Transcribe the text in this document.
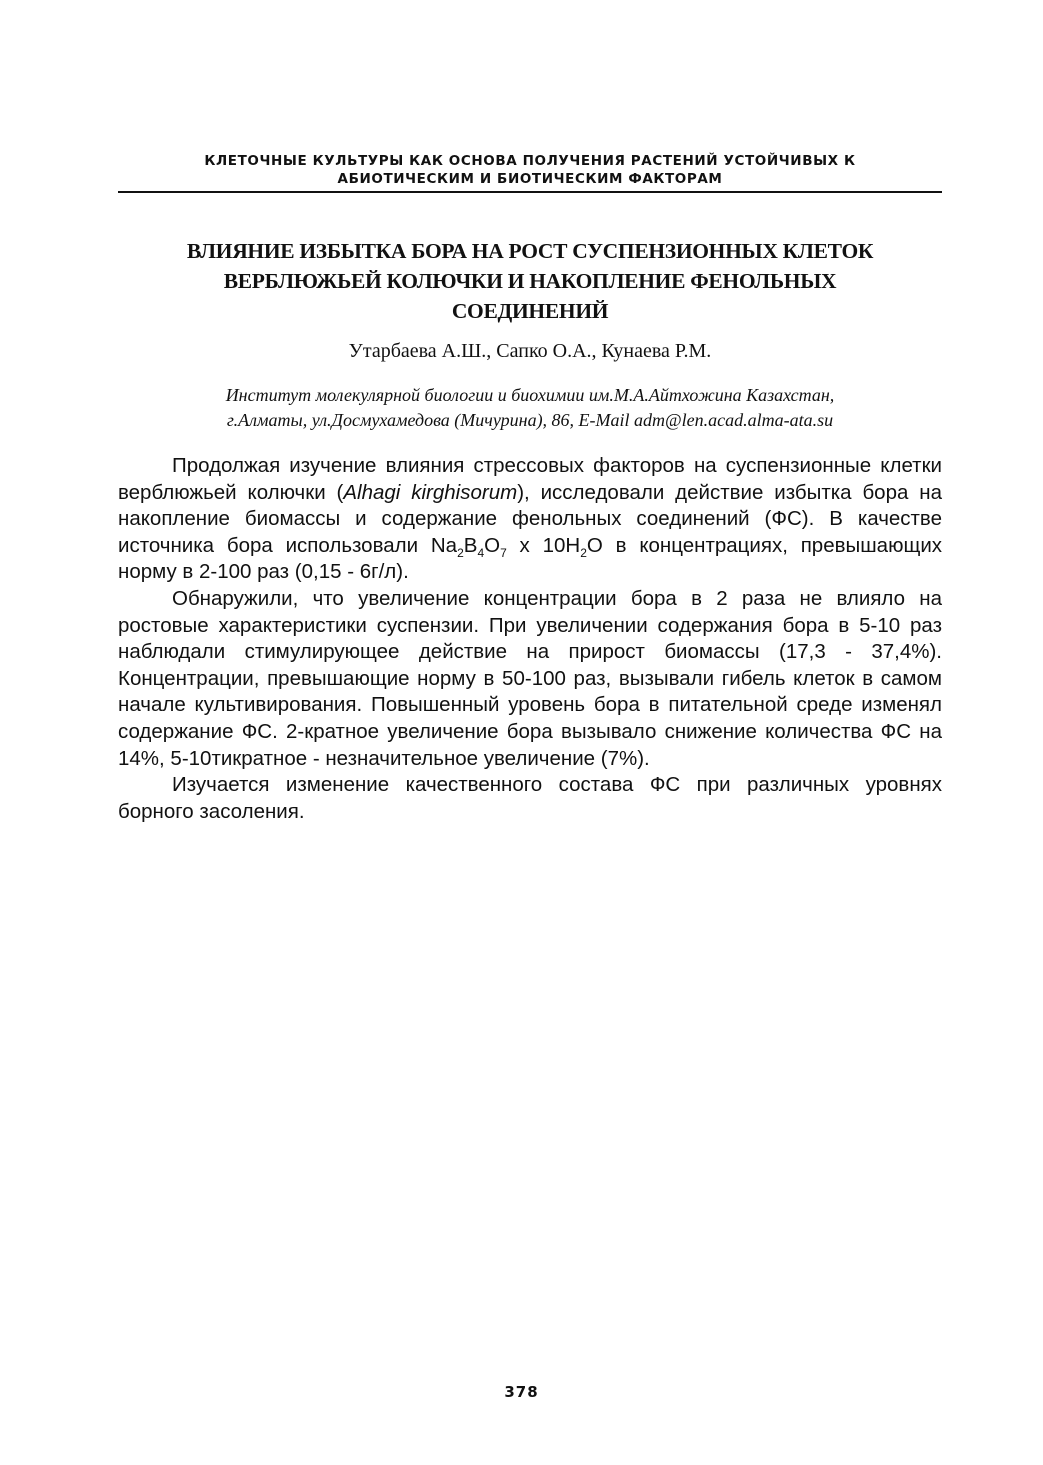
КЛЕТОЧНЫЕ КУЛЬТУРЫ КАК ОСНОВА ПОЛУЧЕНИЯ РАСТЕНИЙ УСТОЙЧИВЫХ К
АБИОТИЧЕСКИМ И БИОТИЧЕСКИМ ФАКТОРАМ
ВЛИЯНИЕ ИЗБЫТКА БОРА НА РОСТ СУСПЕНЗИОННЫХ КЛЕТОК
ВЕРБЛЮЖЬЕЙ КОЛЮЧКИ И НАКОПЛЕНИЕ ФЕНОЛЬНЫХ
СОЕДИНЕНИЙ
Утарбаева А.Ш., Сапко О.А., Кунаева Р.М.
Институт молекулярной биологии и биохимии им.М.А.Айтхожина Казахстан,
г.Алматы, ул.Досмухамедова (Мичурина), 86, E-Mail adm@len.acad.alma-ata.su

Продолжая изучение влияния стрессовых факторов на суспензионные клетки верблюжьей колючки (Alhagi kirghisorum), исследовали действие избытка бора на накопление биомассы и содержание фенольных соединений (ФС). В качестве источника бора использовали $Na_2B_4O_7$ x $10H_2O$ в концентрациях, превышающих норму в 2-100 раз (0,15 - 6г/л).

Обнаружили, что увеличение концентрации бора в 2 раза не влияло на ростовые характеристики суспензии. При увеличении содержания бора в 5-10 раз наблюдали стимулирующее действие на прирост биомассы (17,3 - 37,4%). Концентрации, превышающие норму в 50-100 раз, вызывали гибель клеток в самом начале культивирования. Повышенный уровень бора в питательной среде изменял содержание ФС. 2-кратное увеличение бора вызывало снижение количества ФС на 14%, 5-10тикратное - незначительное увеличение (7%).

Изучается изменение качественного состава ФС при различных уровнях борного засоления.

378
